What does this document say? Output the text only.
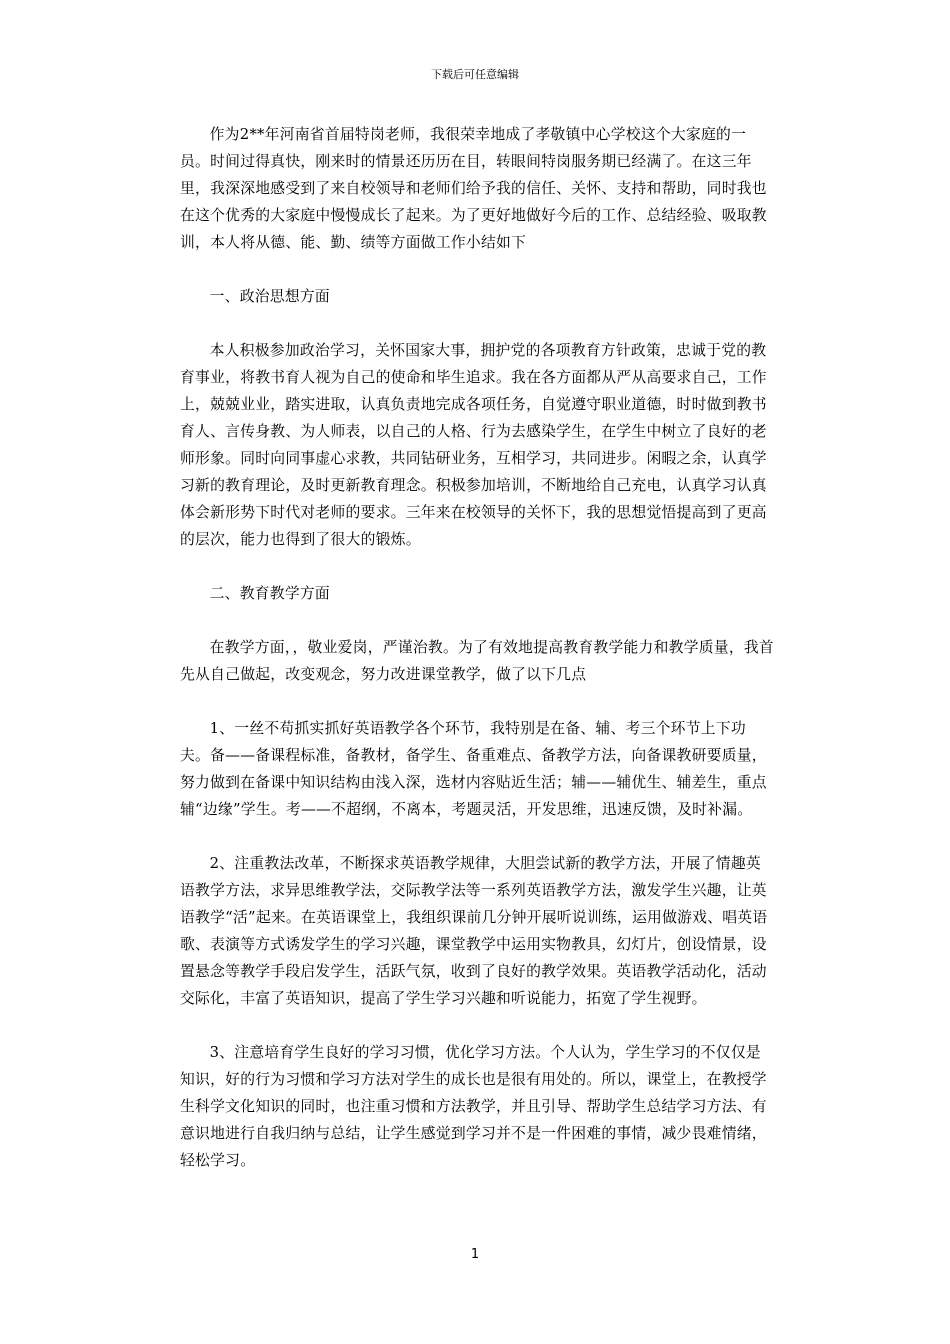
下载后可任意编辑

作为2**年河南省首届特岗老师，我很荣幸地成了孝敬镇中心学校这个大家庭的一员。时间过得真快，刚来时的情景还历历在目，转眼间特岗服务期已经满了。在这三年里，我深深地感受到了来自校领导和老师们给予我的信任、关怀、支持和帮助，同时我也在这个优秀的大家庭中慢慢成长了起来。为了更好地做好今后的工作、总结经验、吸取教训，本人将从德、能、勤、绩等方面做工作小结如下

一、政治思想方面

本人积极参加政治学习，关怀国家大事，拥护党的各项教育方针政策，忠诚于党的教育事业，将教书育人视为自己的使命和毕生追求。我在各方面都从严从高要求自己，工作上，兢兢业业，踏实进取，认真负责地完成各项任务，自觉遵守职业道德，时时做到教书育人、言传身教、为人师表，以自己的人格、行为去感染学生，在学生中树立了良好的老师形象。同时向同事虚心求教，共同钻研业务，互相学习，共同进步。闲暇之余，认真学习新的教育理论，及时更新教育理念。积极参加培训，不断地给自己充电，认真学习认真体会新形势下时代对老师的要求。三年来在校领导的关怀下，我的思想觉悟提高到了更高的层次，能力也得到了很大的锻炼。

二、教育教学方面

在教学方面，，敬业爱岗，严谨治教。为了有效地提高教育教学能力和教学质量，我首先从自己做起，改变观念，努力改进课堂教学，做了以下几点

1、一丝不苟抓实抓好英语教学各个环节，我特别是在备、辅、考三个环节上下功夫。备——备课程标准，备教材，备学生、备重难点、备教学方法，向备课教研要质量，努力做到在备课中知识结构由浅入深，选材内容贴近生活；辅——辅优生、辅差生，重点辅“边缘”学生。考——不超纲，不离本，考题灵活，开发思维，迅速反馈，及时补漏。

2、注重教法改革，不断探求英语教学规律，大胆尝试新的教学方法，开展了情趣英语教学方法，求异思维教学法，交际教学法等一系列英语教学方法，激发学生兴趣，让英语教学“活”起来。在英语课堂上，我组织课前几分钟开展听说训练，运用做游戏、唱英语歌、表演等方式诱发学生的学习兴趣，课堂教学中运用实物教具，幻灯片，创设情景，设置悬念等教学手段启发学生，活跃气氛，收到了良好的教学效果。英语教学活动化，活动交际化，丰富了英语知识，提高了学生学习兴趣和听说能力，拓宽了学生视野。

3、注意培育学生良好的学习习惯，优化学习方法。个人认为，学生学习的不仅仅是知识，好的行为习惯和学习方法对学生的成长也是很有用处的。所以，课堂上，在教授学生科学文化知识的同时，也注重习惯和方法教学，并且引导、帮助学生总结学习方法、有意识地进行自我归纳与总结，让学生感觉到学习并不是一件困难的事情，减少畏难情绪，轻松学习。

1
